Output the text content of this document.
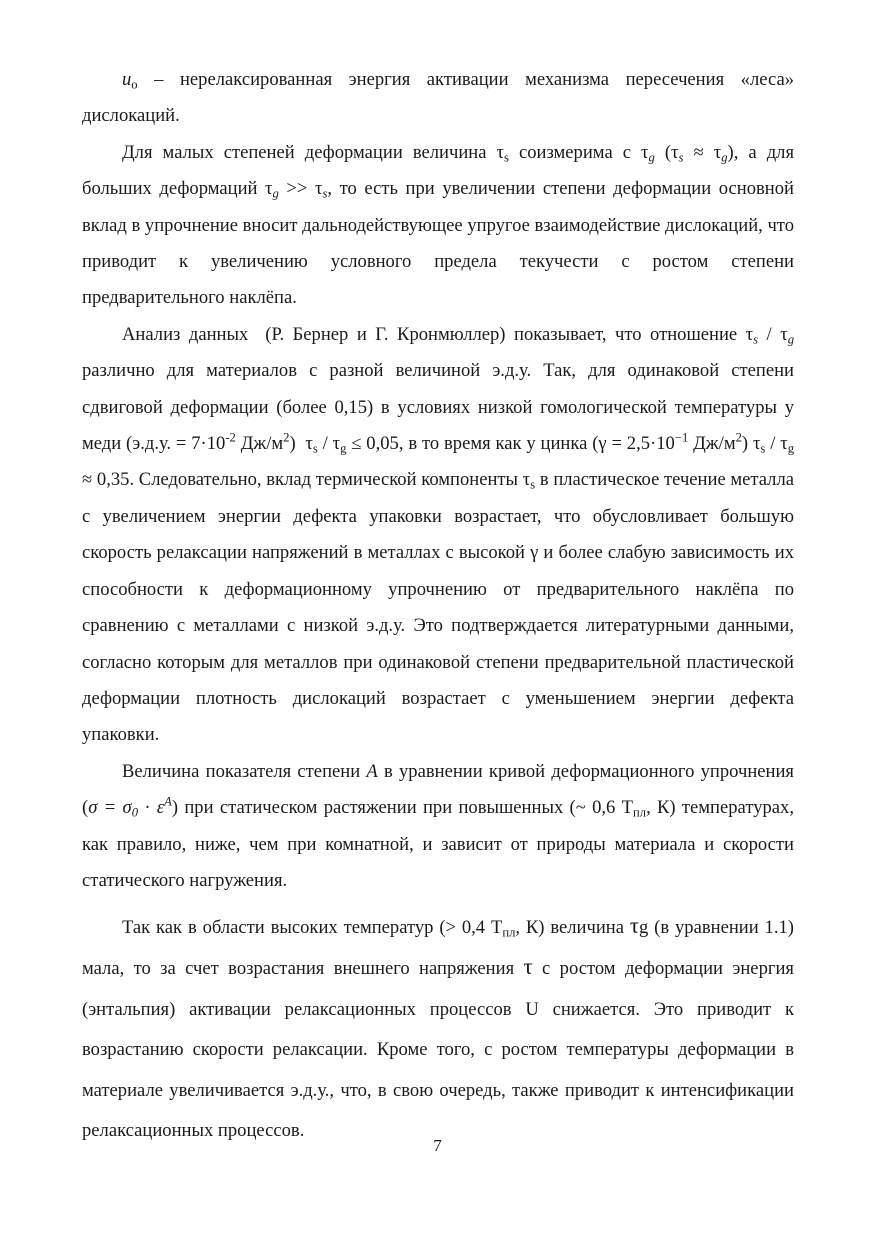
$u_o$ – нерелаксированная энергия активации механизма пересечения «леса» дислокаций.

Для малых степеней деформации величина $\tau_s$ соизмерима с $\tau_g$ $(\tau_s \approx \tau_g)$, а для больших деформаций $\tau_g >> \tau_s$, то есть при увеличении степени деформации основной вклад в упрочнение вносит дальнодействующее упругое взаимодействие дислокаций, что приводит к увеличению условного предела текучести с ростом степени предварительного наклёпа.

Анализ данных  (Р. Бернер и Г. Кронмюллер) показывает, что отношение $\tau_s / \tau_g$ различно для материалов с разной величиной э.д.у. Так, для одинаковой степени сдвиговой деформации (более 0,15) в условиях низкой гомологической температуры у меди (э.д.у. = $7\cdot 10^{-2}$ $Дж/м^2$)  $\tau_s / \tau_g \le 0,05$, в то время как у цинка ($\gamma = 2,5\cdot 10^{-1}$ $Дж/м^2$) $\tau_s / \tau_g \approx 0,35$. Следовательно, вклад термической компоненты $\tau_s$ в пластическое течение металла с увеличением энергии дефекта упаковки возрастает, что обусловливает большую скорость релаксации напряжений в металлах с высокой γ и более слабую зависимость их способности к деформационному упрочнению от предварительного наклёпа по сравнению с металлами с низкой э.д.у. Это подтверждается литературными данными, согласно которым для металлов при одинаковой степени предварительной пластической деформации плотность дислокаций возрастает с уменьшением энергии дефекта упаковки.

Величина показателя степени A в уравнении кривой деформационного упрочнения $(\sigma = \sigma_0 \cdot \varepsilon^A)$ при статическом растяжении при повышенных (~ 0,6 $Т_{пл}$, К) температурах, как правило, ниже, чем при комнатной, и зависит от природы материала и скорости статического нагружения.

Так как в области высоких температур (> 0,4 $Т_{пл}$, К) величина τg (в уравнении 1.1) мала, то за счет возрастания внешнего напряжения τ с ростом деформации энергия (энтальпия) активации релаксационных процессов U снижается. Это приводит к возрастанию скорости релаксации. Кроме того, с ростом температуры деформации в материале увеличивается э.д.у., что, в свою очередь, также приводит к интенсификации релаксационных процессов.

7
